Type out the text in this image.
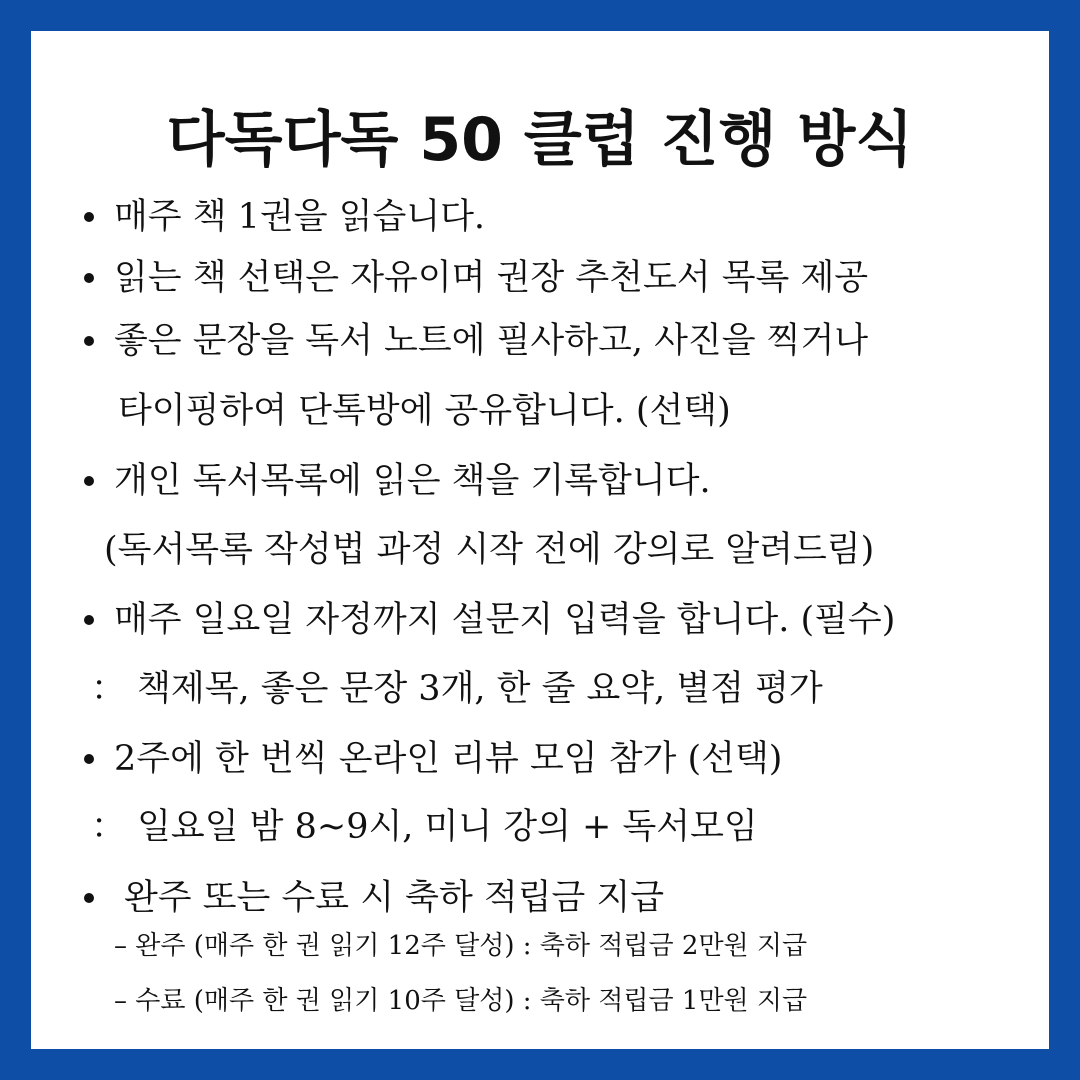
다독다독 50 클럽 진행 방식
매주 책 1권을 읽습니다.
읽는 책 선택은 자유이며 권장 추천도서 목록 제공
좋은 문장을 독서 노트에 필사하고, 사진을 찍거나
타이핑하여 단톡방에 공유합니다. (선택)
개인 독서목록에 읽은 책을 기록합니다.
(독서목록 작성법 과정 시작 전에 강의로 알려드림)
매주 일요일 자정까지 설문지 입력을 합니다. (필수)
： 책제목, 좋은 문장 3개, 한 줄 요약, 별점 평가
2주에 한 번씩 온라인 리뷰 모임 참가 (선택)
： 일요일 밤 8~9시, 미니 강의 + 독서모임
완주 또는 수료 시 축하 적립금 지급
– 완주 (매주 한 권 읽기 12주 달성) : 축하 적립금 2만원 지급
– 수료 (매주 한 권 읽기 10주 달성) : 축하 적립금 1만원 지급
